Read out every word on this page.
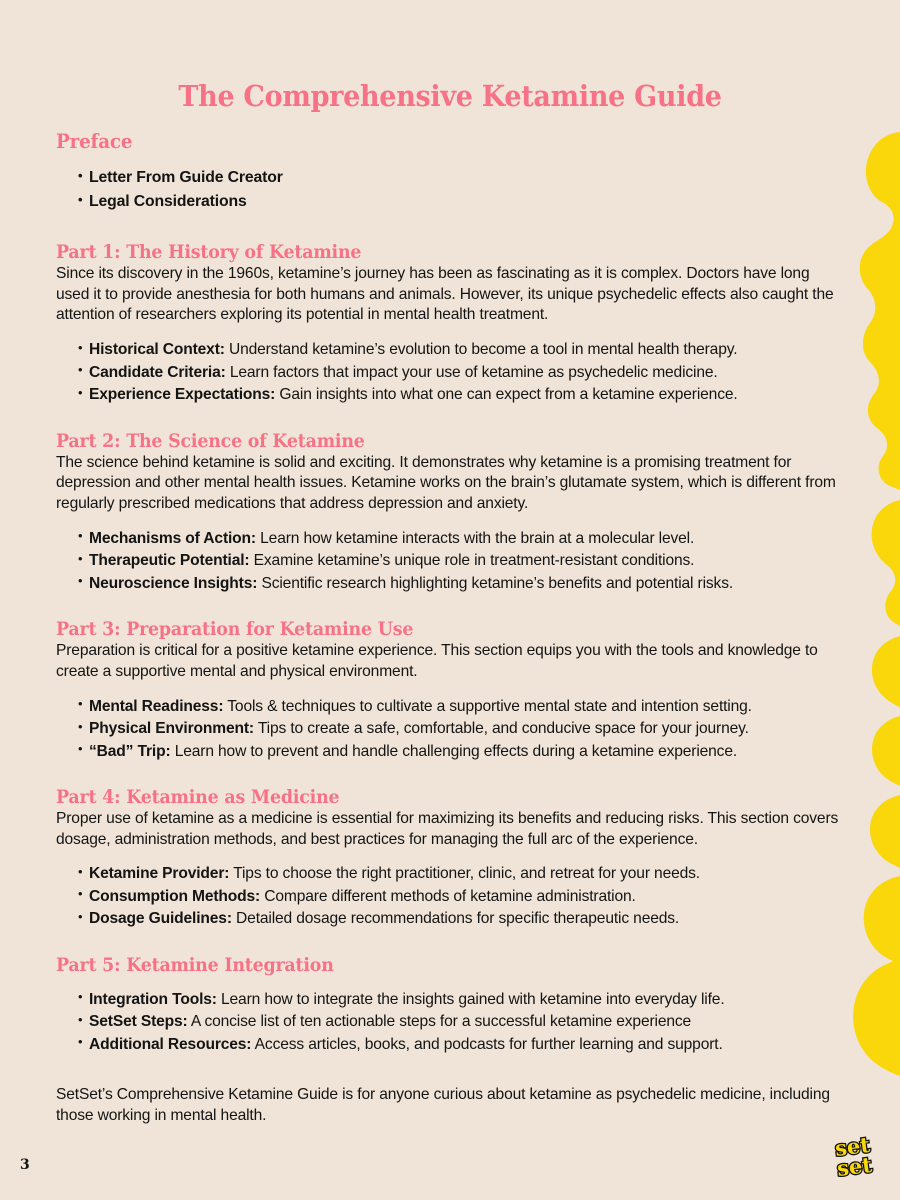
The Comprehensive Ketamine Guide
Preface
• Letter From Guide Creator
• Legal Considerations
Part 1: The History of Ketamine

Since its discovery in the 1960s, ketamine’s journey has been as fascinating as it is complex. Doctors have long used it to provide anesthesia for both humans and animals. However, its unique psychedelic effects also caught the attention of researchers exploring its potential in mental health treatment.

• Historical Context: Understand ketamine’s evolution to become a tool in mental health therapy.
• Candidate Criteria: Learn factors that impact your use of ketamine as psychedelic medicine.
• Experience Expectations: Gain insights into what one can expect from a ketamine experience.
Part 2: The Science of Ketamine

The science behind ketamine is solid and exciting. It demonstrates why ketamine is a promising treatment for depression and other mental health issues. Ketamine works on the brain’s glutamate system, which is different from regularly prescribed medications that address depression and anxiety.

• Mechanisms of Action: Learn how ketamine interacts with the brain at a molecular level.
• Therapeutic Potential: Examine ketamine’s unique role in treatment-resistant conditions.
• Neuroscience Insights: Scientific research highlighting ketamine’s benefits and potential risks.
Part 3: Preparation for Ketamine Use

Preparation is critical for a positive ketamine experience. This section equips you with the tools and knowledge to create a supportive mental and physical environment.

• Mental Readiness: Tools & techniques to cultivate a supportive mental state and intention setting.
• Physical Environment: Tips to create a safe, comfortable, and conducive space for your journey.
• “Bad” Trip: Learn how to prevent and handle challenging effects during a ketamine experience.
Part 4: Ketamine as Medicine

Proper use of ketamine as a medicine is essential for maximizing its benefits and reducing risks. This section covers dosage, administration methods, and best practices for managing the full arc of the experience.

• Ketamine Provider: Tips to choose the right practitioner, clinic, and retreat for your needs.
• Consumption Methods: Compare different methods of ketamine administration.
• Dosage Guidelines: Detailed dosage recommendations for specific therapeutic needs.
Part 5: Ketamine Integration
• Integration Tools: Learn how to integrate the insights gained with ketamine into everyday life.
• SetSet Steps: A concise list of ten actionable steps for a successful ketamine experience
• Additional Resources: Access articles, books, and podcasts for further learning and support.

SetSet’s Comprehensive Ketamine Guide is for anyone curious about ketamine as psychedelic medicine, including those working in mental health.

3
set
set
